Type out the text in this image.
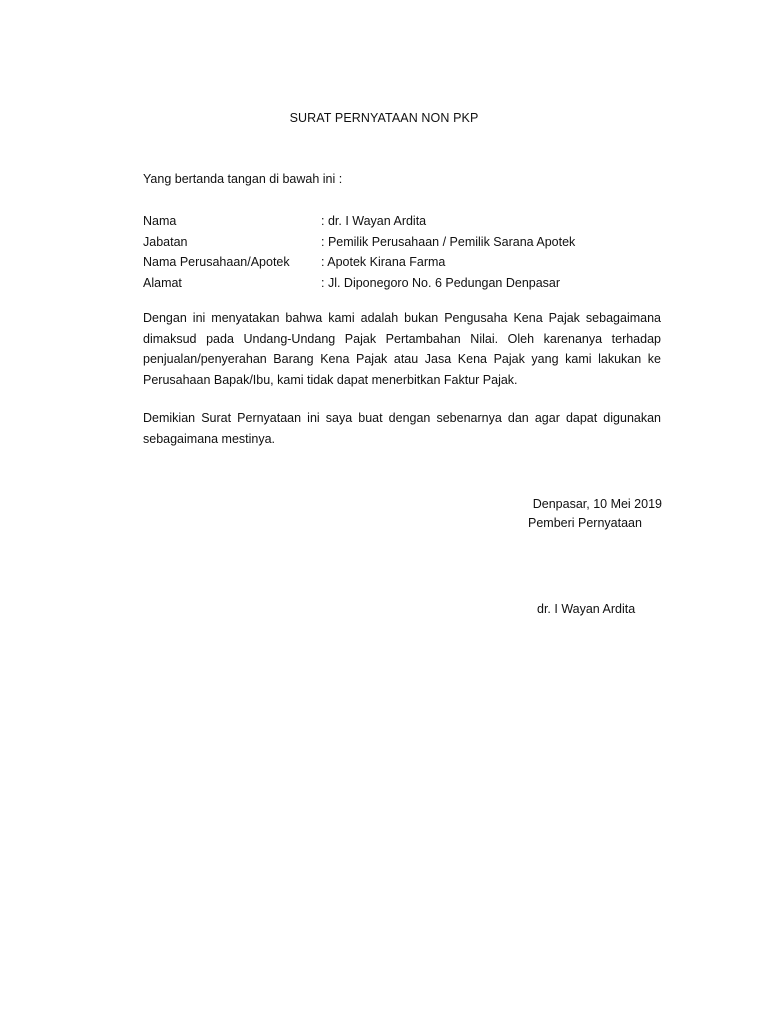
SURAT PERNYATAAN NON PKP
Yang bertanda tangan di bawah ini :
Nama	: dr. I Wayan Ardita
Jabatan	: Pemilik Perusahaan / Pemilik Sarana Apotek
Nama Perusahaan/Apotek	: Apotek Kirana Farma
Alamat	: Jl. Diponegoro No. 6 Pedungan Denpasar

Dengan ini menyatakan bahwa kami adalah bukan Pengusaha Kena Pajak sebagaimana dimaksud pada Undang-Undang Pajak Pertambahan Nilai. Oleh karenanya terhadap penjualan/penyerahan Barang Kena Pajak atau Jasa Kena Pajak yang kami lakukan ke Perusahaan Bapak/Ibu, kami tidak dapat menerbitkan Faktur Pajak.

Demikian Surat Pernyataan ini saya buat dengan sebenarnya dan agar dapat digunakan sebagaimana mestinya.

Denpasar, 10 Mei 2019
Pemberi Pernyataan
dr. I Wayan Ardita
